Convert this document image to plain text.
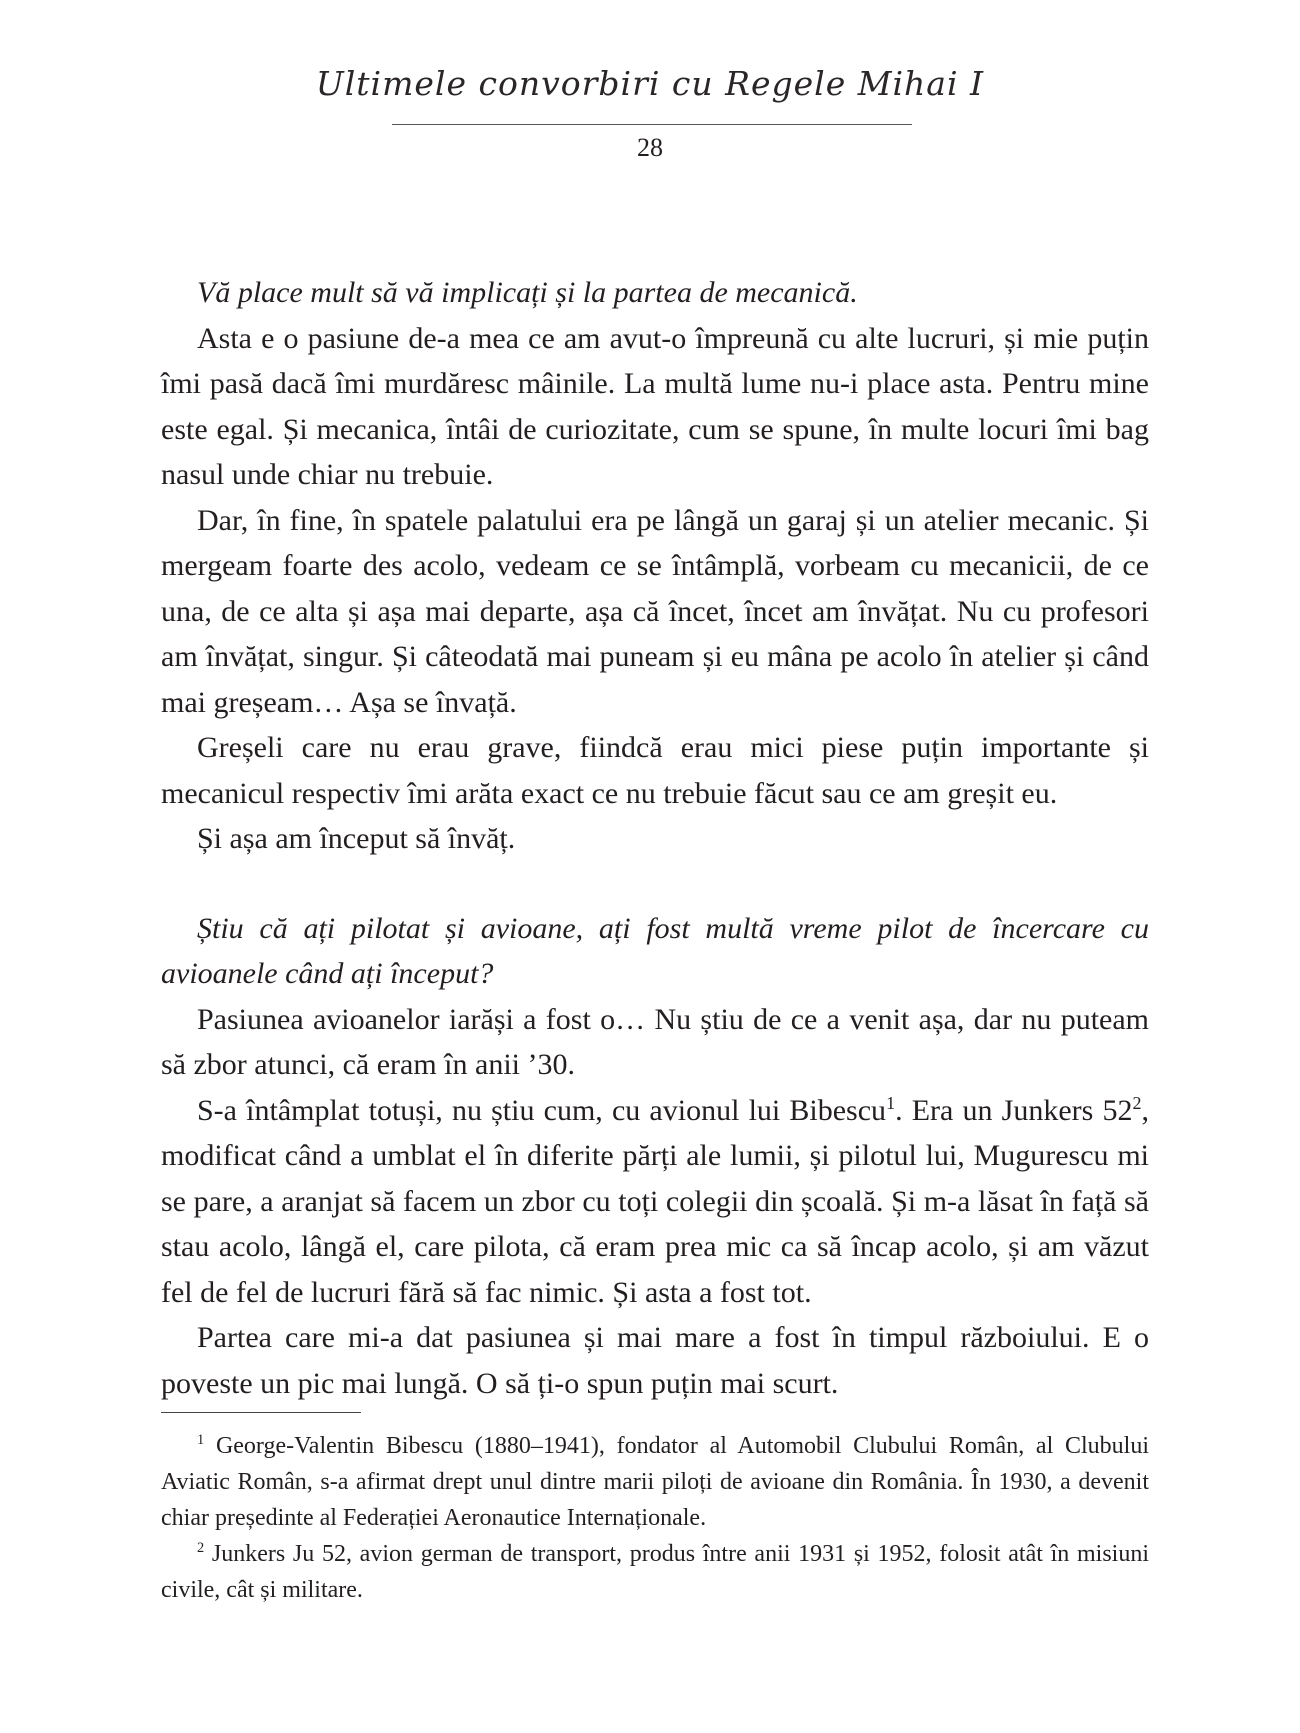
Ultimele convorbiri cu Regele Mihai I
28

Vă place mult să vă implicați și la partea de mecanică.

Asta e o pasiune de-a mea ce am avut-o împreună cu alte lucruri, și mie puțin îmi pasă dacă îmi murdăresc mâinile. La multă lume nu-i place asta. Pentru mine este egal. Și mecanica, întâi de curiozitate, cum se spune, în multe locuri îmi bag nasul unde chiar nu trebuie.

Dar, în fine, în spatele palatului era pe lângă un garaj și un atelier mecanic. Și mergeam foarte des acolo, vedeam ce se întâmplă, vorbeam cu mecanicii, de ce una, de ce alta și așa mai departe, așa că încet, încet am învățat. Nu cu profesori am învățat, singur. Și câteodată mai puneam și eu mâna pe acolo în atelier și când mai greșeam… Așa se învață.

Greșeli care nu erau grave, fiindcă erau mici piese puțin importante și mecanicul respectiv îmi arăta exact ce nu trebuie făcut sau ce am greșit eu.

Și așa am început să învăț.

Știu că ați pilotat și avioane, ați fost multă vreme pilot de încercare cu avioanele când ați început?

Pasiunea avioanelor iarăși a fost o… Nu știu de ce a venit așa, dar nu puteam să zbor atunci, că eram în anii ’30.

S-a întâmplat totuși, nu știu cum, cu avionul lui Bibescu$^1$. Era un Junkers $52^2$, modificat când a umblat el în diferite părți ale lumii, și pilotul lui, Mugurescu mi se pare, a aranjat să facem un zbor cu toți colegii din școală. Și m-a lăsat în față să stau acolo, lângă el, care pilota, că eram prea mic ca să încap acolo, și am văzut fel de fel de lucruri fără să fac nimic. Și asta a fost tot.

Partea care mi-a dat pasiunea și mai mare a fost în timpul războiului. E o poveste un pic mai lungă. O să ți-o spun puțin mai scurt.

$^1$ George-Valentin Bibescu (1880–1941), fondator al Automobil Clubului Român, al Clubului Aviatic Român, s-a afirmat drept unul dintre marii piloți de avioane din România. În 1930, a devenit chiar președinte al Federației Aeronautice Internaționale.

$^2$ Junkers Ju 52, avion german de transport, produs între anii 1931 și 1952, folosit atât în misiuni civile, cât și militare.
